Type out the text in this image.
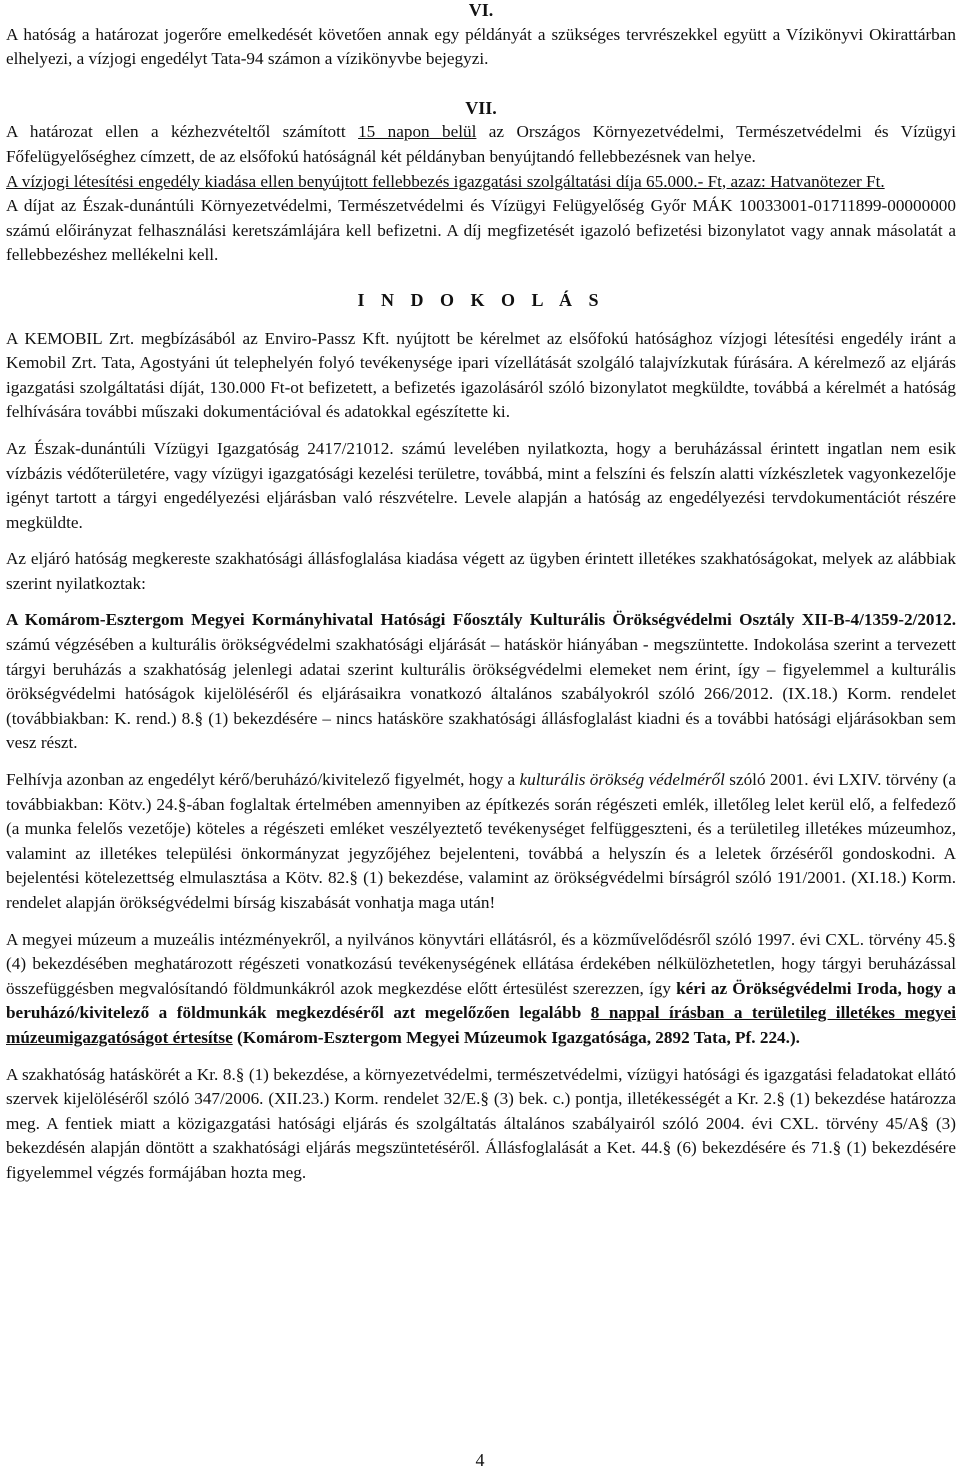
VI.

A hatóság a határozat jogerőre emelkedését követően annak egy példányát a szükséges tervrészekkel együtt a Vízikönyvi Okirattárban elhelyezi, a vízjogi engedélyt Tata-94 számon a vízikönyvbe bejegyzi.

VII.

A határozat ellen a kézhezvételtől számított 15 napon belül az Országos Környezetvédelmi, Természetvédelmi és Vízügyi Főfelügyelőséghez címzett, de az elsőfokú hatóságnál két példányban benyújtandó fellebbezésnek van helye.

A vízjogi létesítési engedély kiadása ellen benyújtott fellebbezés igazgatási szolgáltatási díja 65.000.- Ft, azaz: Hatvanötezer Ft.

A díjat az Észak-dunántúli Környezetvédelmi, Természetvédelmi és Vízügyi Felügyelőség Győr MÁK 10033001-01711899-00000000 számú előirányzat felhasználási keretszámlájára kell befizetni. A díj megfizetését igazoló befizetési bizonylatot vagy annak másolatát a fellebbezéshez mellékelni kell.

I N D O K O L Á S

A KEMOBIL Zrt. megbízásából az Enviro-Passz Kft. nyújtott be kérelmet az elsőfokú hatósághoz vízjogi létesítési engedély iránt a Kemobil Zrt. Tata, Agostyáni út telephelyén folyó tevékenysége ipari vízellátását szolgáló talajvízkutak fúrására. A kérelmező az eljárás igazgatási szolgáltatási díját, 130.000 Ft-ot befizetett, a befizetés igazolásáról szóló bizonylatot megküldte, továbbá a kérelmét a hatóság felhívására további műszaki dokumentációval és adatokkal egészítette ki.

Az Észak-dunántúli Vízügyi Igazgatóság 2417/21012. számú levelében nyilatkozta, hogy a beruházással érintett ingatlan nem esik vízbázis védőterületére, vagy vízügyi igazgatósági kezelési területre, továbbá, mint a felszíni és felszín alatti vízkészletek vagyonkezelője igényt tartott a tárgyi engedélyezési eljárásban való részvételre. Levele alapján a hatóság az engedélyezési tervdokumentációt részére megküldte.

Az eljáró hatóság megkereste szakhatósági állásfoglalása kiadása végett az ügyben érintett illetékes szakhatóságokat, melyek az alábbiak szerint nyilatkoztak:

A Komárom-Esztergom Megyei Kormányhivatal Hatósági Főosztály Kulturális Örökségvédelmi Osztály XII-B-4/1359-2/2012. számú végzésében a kulturális örökségvédelmi szakhatósági eljárását – hatáskör hiányában - megszüntette. Indokolása szerint a tervezett tárgyi beruházás a szakhatóság jelenlegi adatai szerint kulturális örökségvédelmi elemeket nem érint, így – figyelemmel a kulturális örökségvédelmi hatóságok kijelöléséről és eljárásaikra vonatkozó általános szabályokról szóló 266/2012. (IX.18.) Korm. rendelet (továbbiakban: K. rend.) 8.§ (1) bekezdésére – nincs hatásköre szakhatósági állásfoglalást kiadni és a további hatósági eljárásokban sem vesz részt.

Felhívja azonban az engedélyt kérő/beruházó/kivitelező figyelmét, hogy a kulturális örökség védelméről szóló 2001. évi LXIV. törvény (a továbbiakban: Kötv.) 24.§-ában foglaltak értelmében amennyiben az építkezés során régészeti emlék, illetőleg lelet kerül elő, a felfedező (a munka felelős vezetője) köteles a régészeti emléket veszélyeztető tevékenységet felfüggeszteni, és a területileg illetékes múzeumhoz, valamint az illetékes települési önkormányzat jegyzőjéhez bejelenteni, továbbá a helyszín és a leletek őrzéséről gondoskodni. A bejelentési kötelezettség elmulasztása a Kötv. 82.§ (1) bekezdése, valamint az örökségvédelmi bírságról szóló 191/2001. (XI.18.) Korm. rendelet alapján örökségvédelmi bírság kiszabását vonhatja maga után!

A megyei múzeum a muzeális intézményekről, a nyilvános könyvtári ellátásról, és a közművelődésről szóló 1997. évi CXL. törvény 45.§ (4) bekezdésében meghatározott régészeti vonatkozású tevékenységének ellátása érdekében nélkülözhetetlen, hogy tárgyi beruházással összefüggésben megvalósítandó földmunkákról azok megkezdése előtt értesülést szerezzen, így kéri az Örökségvédelmi Iroda, hogy a beruházó/kivitelező a földmunkák megkezdéséről azt megelőzően legalább 8 nappal írásban a területileg illetékes megyei múzeumigazgatóságot értesítse (Komárom-Esztergom Megyei Múzeumok Igazgatósága, 2892 Tata, Pf. 224.).

A szakhatóság hatáskörét a Kr. 8.§ (1) bekezdése, a környezetvédelmi, természetvédelmi, vízügyi hatósági és igazgatási feladatokat ellátó szervek kijelöléséről szóló 347/2006. (XII.23.) Korm. rendelet 32/E.§ (3) bek. c.) pontja, illetékességét a Kr. 2.§ (1) bekezdése határozza meg. A fentiek miatt a közigazgatási hatósági eljárás és szolgáltatás általános szabályairól szóló 2004. évi CXL. törvény 45/A§ (3) bekezdésén alapján döntött a szakhatósági eljárás megszüntetéséről. Állásfoglalását a Ket. 44.§ (6) bekezdésére és 71.§ (1) bekezdésére figyelemmel végzés formájában hozta meg.

4
